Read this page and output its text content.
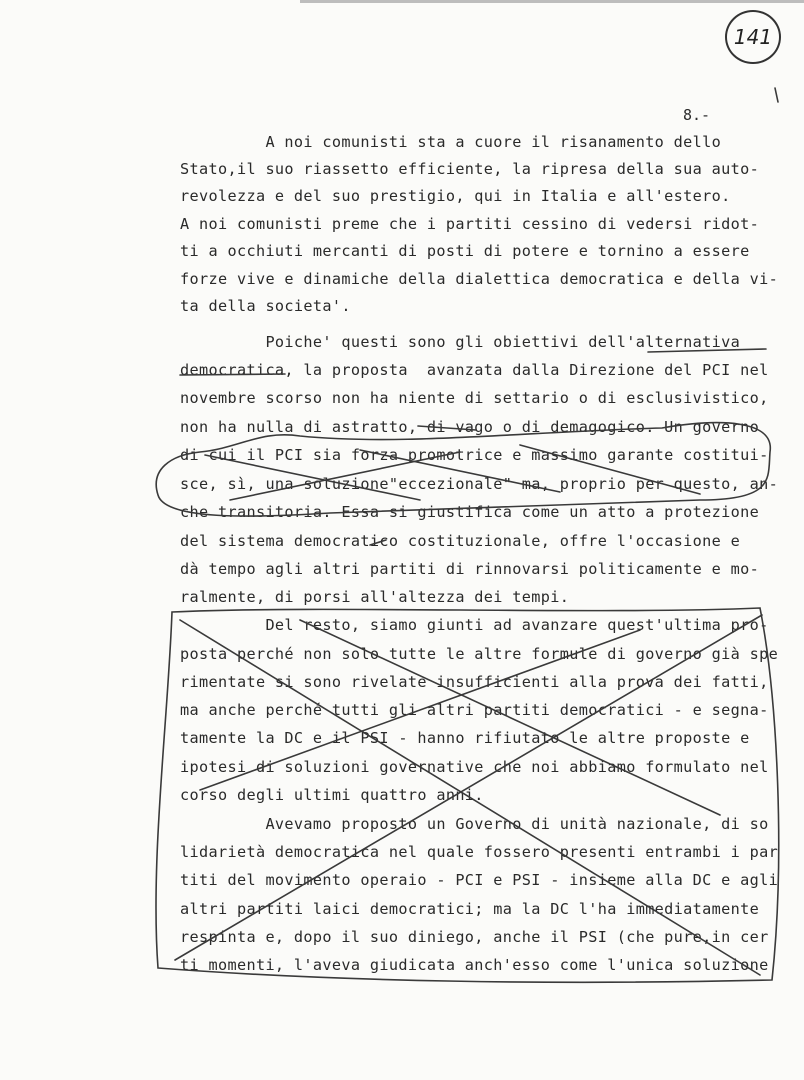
141
8.-
A noi comunisti sta a cuore il risanamento dello
Stato,il suo riassetto efficiente, la ripresa della sua auto-
revolezza e del suo prestigio, qui in Italia e all'estero.
A noi comunisti preme che i partiti cessino di vedersi ridot-
ti a occhiuti mercanti di posti di potere e tornino a essere
forze vive e dinamiche della dialettica democratica e della vi-
ta della societa'.
Poiche' questi sono gli obiettivi dell'alternativa
democratica, la proposta  avanzata dalla Direzione del PCI nel
novembre scorso non ha niente di settario o di esclusivistico,
non ha nulla di astratto, di vago o di demagogico. Un governo
di cui il PCI sia forza promotrice e massimo garante costitui-
sce, sì, una soluzione"eccezionale" ma, proprio per questo, an-
che transitoria. Essa si giustifica come un atto a protezione
del sistema democratico costituzionale, offre l'occasione e
dà tempo agli altri partiti di rinnovarsi politicamente e mo-
ralmente, di porsi all'altezza dei tempi.
Del resto, siamo giunti ad avanzare quest'ultima pro-
posta perché non solo tutte le altre formule di governo già spe
rimentate si sono rivelate insufficienti alla prova dei fatti,
ma anche perché tutti gli altri partiti democratici - e segna-
tamente la DC e il PSI - hanno rifiutato le altre proposte e
ipotesi di soluzioni governative che noi abbiamo formulato nel
corso degli ultimi quattro anni.
Avevamo proposto un Governo di unità nazionale, di so
lidarietà democratica nel quale fossero presenti entrambi i par
titi del movimento operaio - PCI e PSI - insieme alla DC e agli
altri partiti laici democratici; ma la DC l'ha immediatamente
respinta e, dopo il suo diniego, anche il PSI (che pure,in cer
ti momenti, l'aveva giudicata anch'esso come l'unica soluzione
